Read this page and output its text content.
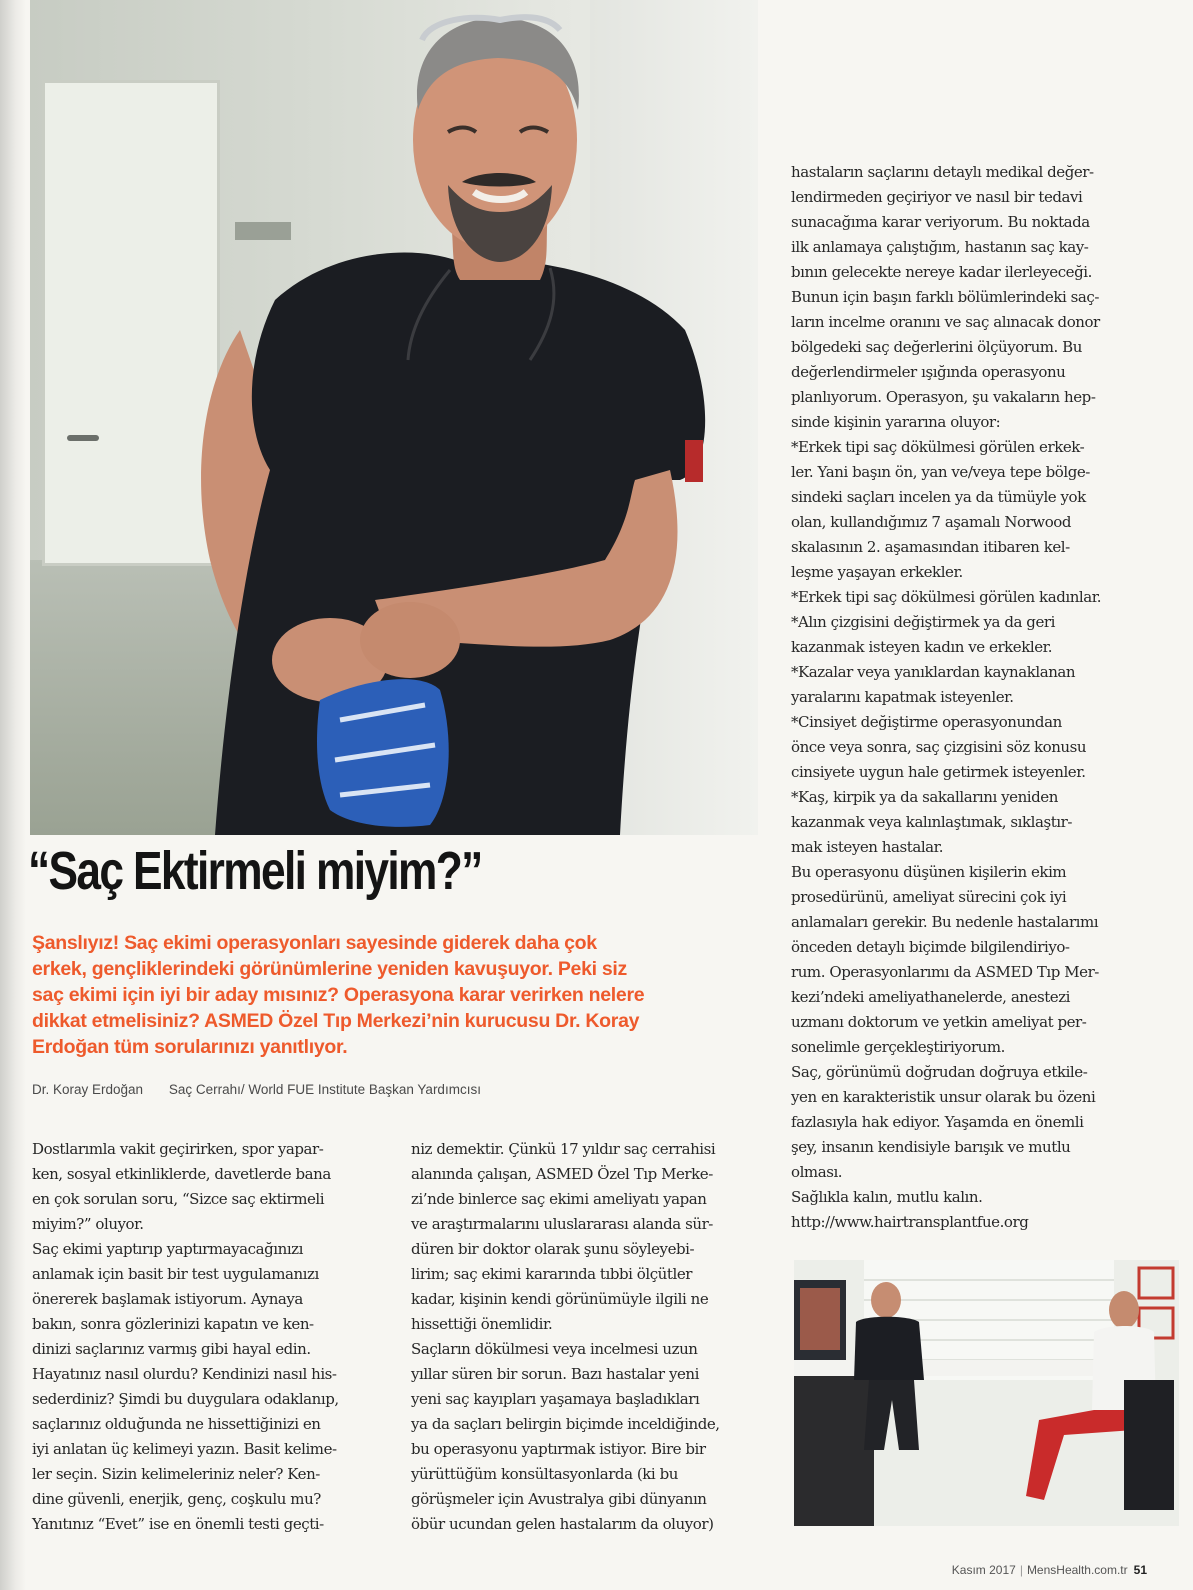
“Saç Ektirmeli miyim?”
Şanslıyız! Saç ekimi operasyonları sayesinde giderek daha çok
erkek, gençliklerindeki görünümlerine yeniden kavuşuyor. Peki siz
saç ekimi için iyi bir aday mısınız? Operasyona karar verirken nelere
dikkat etmelisiniz? ASMED Özel Tıp Merkezi’nin kurucusu Dr. Koray
Erdoğan tüm sorularınızı yanıtlıyor.
Dr. Koray Erdoğan Saç Cerrahı/ World FUE Institute Başkan Yardımcısı
Dostlarımla vakit geçirirken, spor yapar-
ken, sosyal etkinliklerde, davetlerde bana
en çok sorulan soru, “Sizce saç ektirmeli
miyim?” oluyor.
Saç ekimi yaptırıp yaptırmayacağınızı
anlamak için basit bir test uygulamanızı
önererek başlamak istiyorum. Aynaya
bakın, sonra gözlerinizi kapatın ve ken-
dinizi saçlarınız varmış gibi hayal edin.
Hayatınız nasıl olurdu? Kendinizi nasıl his-
sederdiniz? Şimdi bu duygulara odaklanıp,
saçlarınız olduğunda ne hissettiğinizi en
iyi anlatan üç kelimeyi yazın. Basit kelime-
ler seçin. Sizin kelimeleriniz neler? Ken-
dine güvenli, enerjik, genç, coşkulu mu?
Yanıtınız “Evet” ise en önemli testi geçti-
niz demektir. Çünkü 17 yıldır saç cerrahisi
alanında çalışan, ASMED Özel Tıp Merke-
zi’nde binlerce saç ekimi ameliyatı yapan
ve araştırmalarını uluslararası alanda sür-
düren bir doktor olarak şunu söyleyebi-
lirim; saç ekimi kararında tıbbi ölçütler
kadar, kişinin kendi görünümüyle ilgili ne
hissettiği önemlidir.
Saçların dökülmesi veya incelmesi uzun
yıllar süren bir sorun. Bazı hastalar yeni
yeni saç kayıpları yaşamaya başladıkları
ya da saçları belirgin biçimde inceldiğinde,
bu operasyonu yaptırmak istiyor. Bire bir
yürüttüğüm konsültasyonlarda (ki bu
görüşmeler için Avustralya gibi dünyanın
öbür ucundan gelen hastalarım da oluyor)
hastaların saçlarını detaylı medikal değer-
lendirmeden geçiriyor ve nasıl bir tedavi
sunacağıma karar veriyorum. Bu noktada
ilk anlamaya çalıştığım, hastanın saç kay-
bının gelecekte nereye kadar ilerleyeceği.
Bunun için başın farklı bölümlerindeki saç-
ların incelme oranını ve saç alınacak donor
bölgedeki saç değerlerini ölçüyorum. Bu
değerlendirmeler ışığında operasyonu
planlıyorum. Operasyon, şu vakaların hep-
sinde kişinin yararına oluyor:
*Erkek tipi saç dökülmesi görülen erkek-
ler. Yani başın ön, yan ve/veya tepe bölge-
sindeki saçları incelen ya da tümüyle yok
olan, kullandığımız 7 aşamalı Norwood
skalasının 2. aşamasından itibaren kel-
leşme yaşayan erkekler.
*Erkek tipi saç dökülmesi görülen kadınlar.
*Alın çizgisini değiştirmek ya da geri
kazanmak isteyen kadın ve erkekler.
*Kazalar veya yanıklardan kaynaklanan
yaralarını kapatmak isteyenler.
*Cinsiyet değiştirme operasyonundan
önce veya sonra, saç çizgisini söz konusu
cinsiyete uygun hale getirmek isteyenler.
*Kaş, kirpik ya da sakallarını yeniden
kazanmak veya kalınlaştımak, sıklaştır-
mak isteyen hastalar.
Bu operasyonu düşünen kişilerin ekim
prosedürünü, ameliyat sürecini çok iyi
anlamaları gerekir. Bu nedenle hastalarımı
önceden detaylı biçimde bilgilendiriyo-
rum. Operasyonlarımı da ASMED Tıp Mer-
kezi’ndeki ameliyathanelerde, anestezi
uzmanı doktorum ve yetkin ameliyat per-
sonelimle gerçekleştiriyorum.
Saç, görünümü doğrudan doğruya etkile-
yen en karakteristik unsur olarak bu özeni
fazlasıyla hak ediyor. Yaşamda en önemli
şey, insanın kendisiyle barışık ve mutlu
olması.
Sağlıkla kalın, mutlu kalın.
http://www.hairtransplantfue.org
Kasım 2017 | MensHealth.com.tr 51
